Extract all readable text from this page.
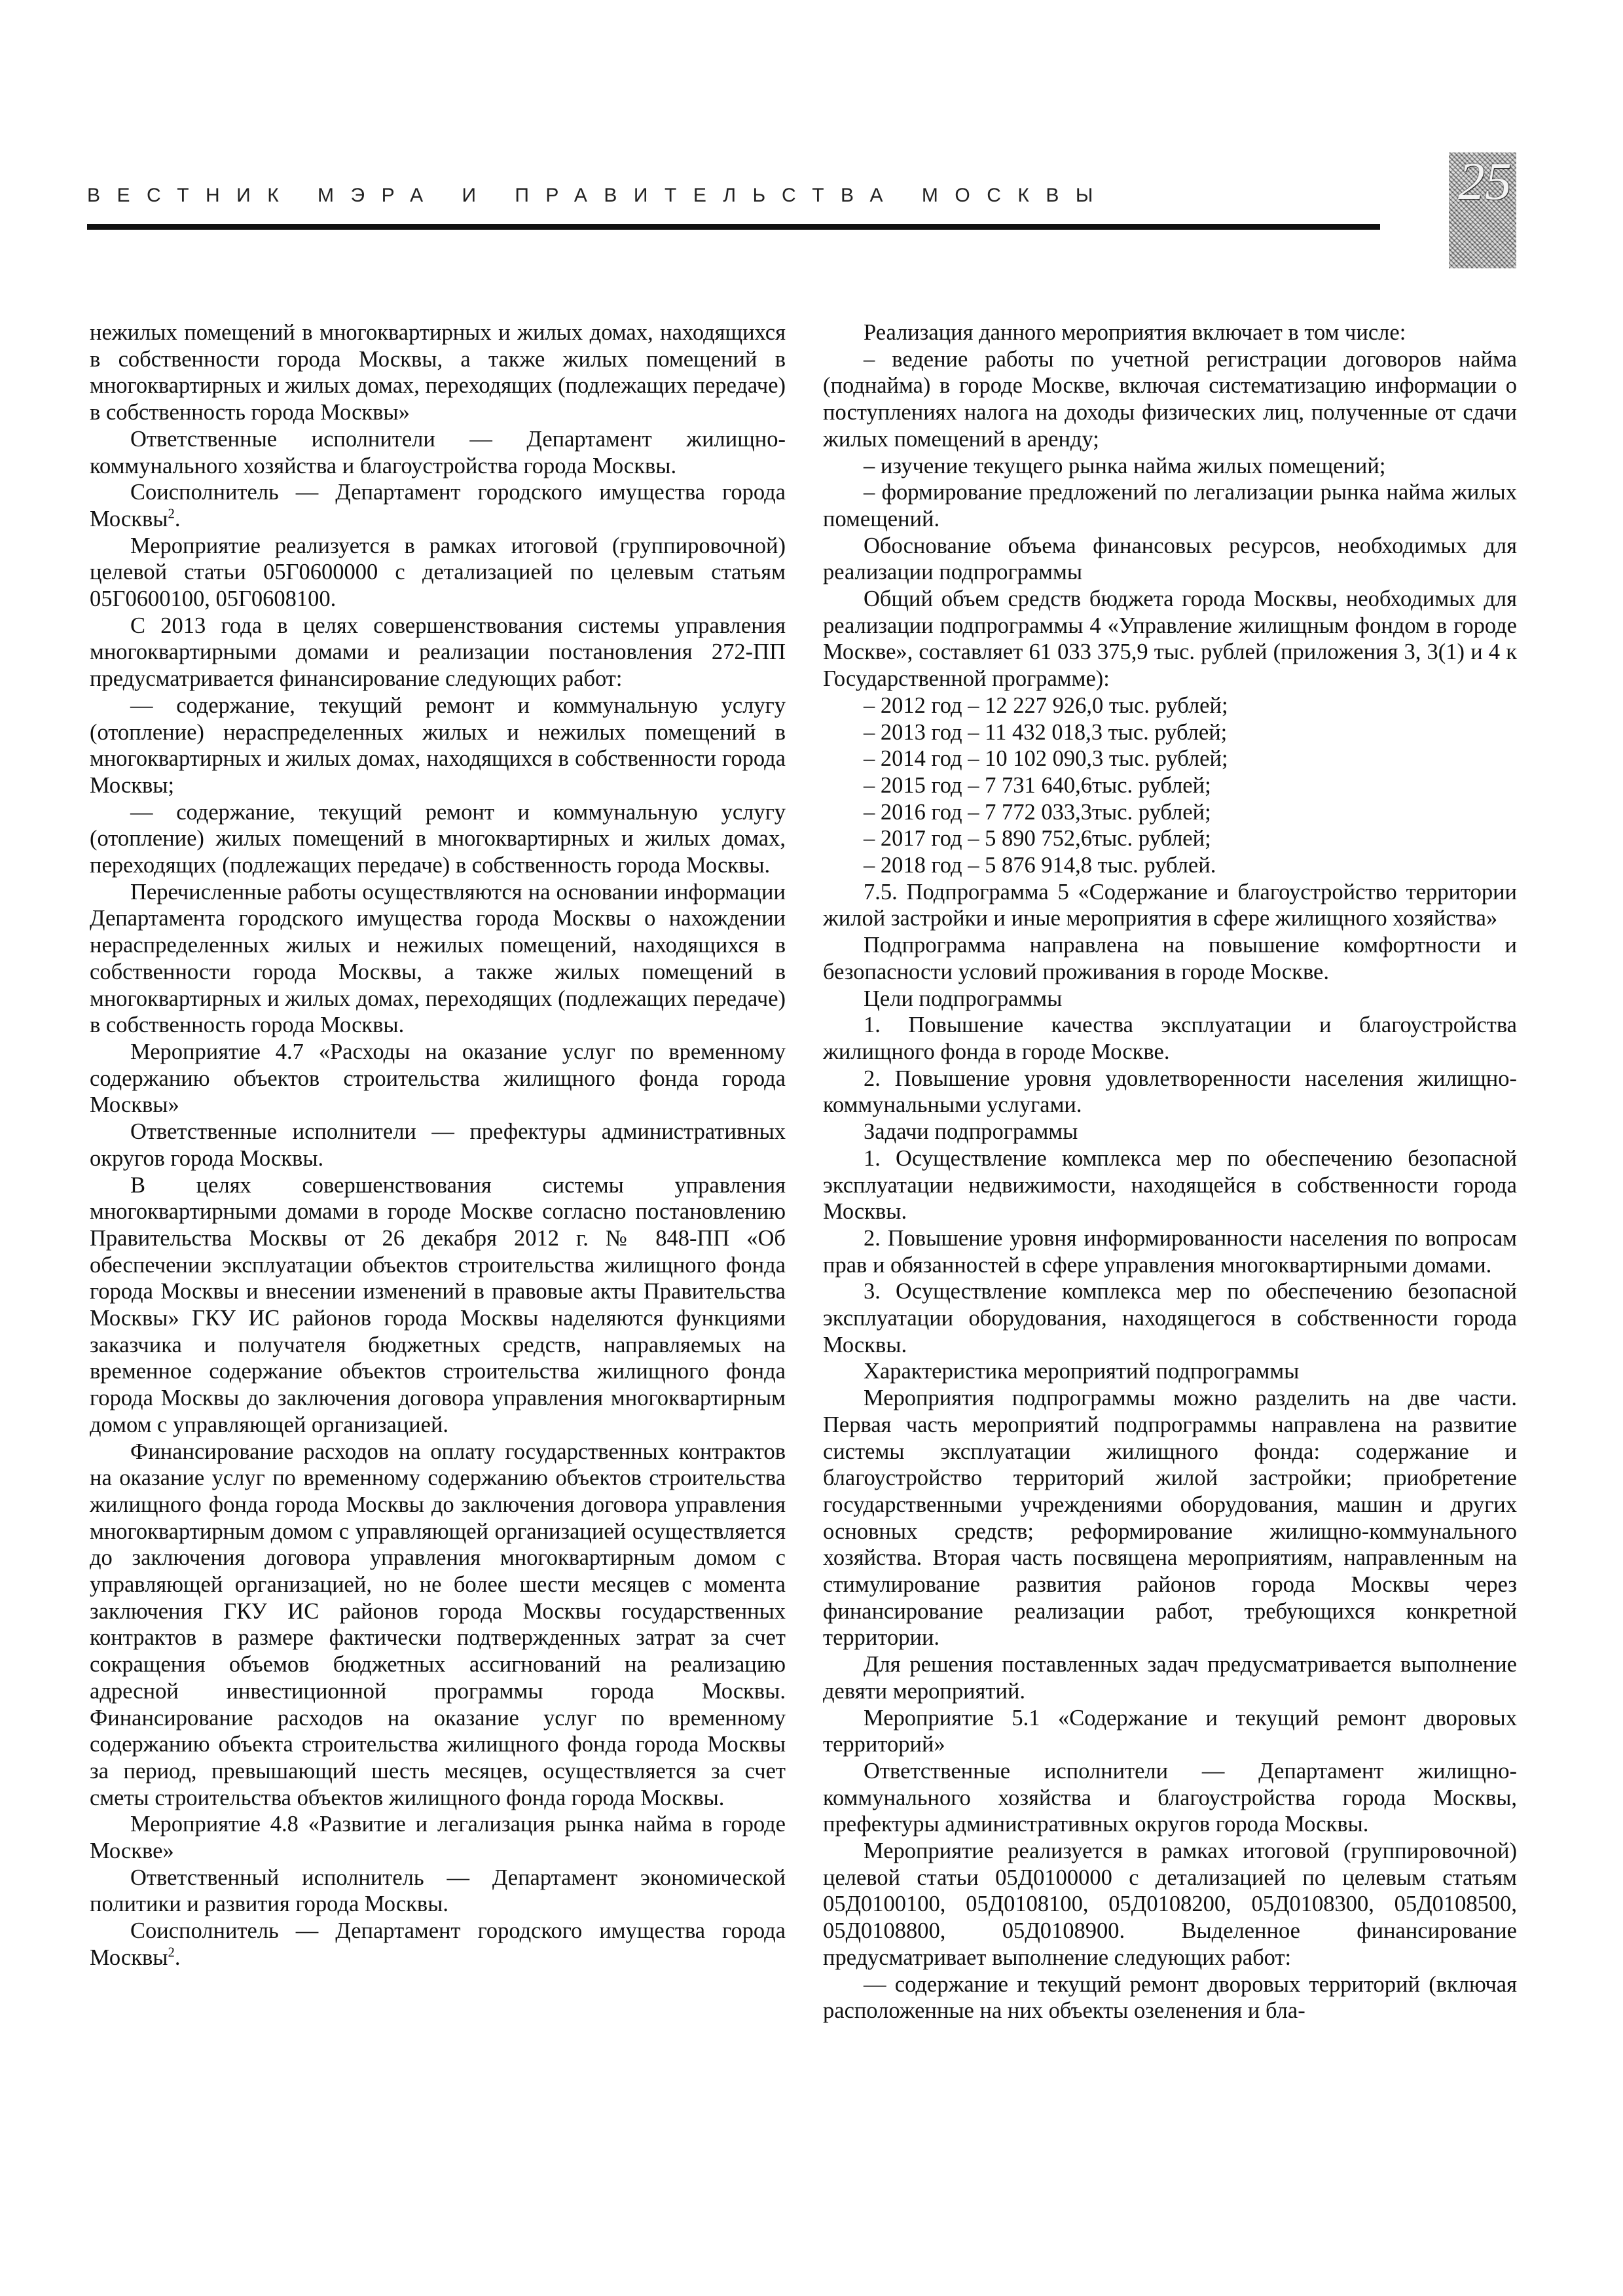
ВЕСТНИК МЭРА И ПРАВИТЕЛЬСТВА МОСКВЫ	25

нежилых помещений в многоквартирных и жилых домах, находящихся в собственности города Москвы, а также жилых помещений в многоквартирных и жилых домах, переходящих (подлежащих передаче) в собственность города Москвы»

Ответственные исполнители — Департамент жилищно-коммунального хозяйства и благоустройства города Москвы.

Соисполнитель — Департамент городского имущества города Москвы$^2$.

Мероприятие реализуется в рамках итоговой (группировочной) целевой статьи 05Г0600000 с детализацией по целевым статьям 05Г0600100, 05Г0608100.

С 2013 года в целях совершенствования системы управления многоквартирными домами и реализации постановления 272-ПП предусматривается финансирование следующих работ:

— содержание, текущий ремонт и коммунальную услугу (отопление) нераспределенных жилых и нежилых помещений в многоквартирных и жилых домах, находящихся в собственности города Москвы;

— содержание, текущий ремонт и коммунальную услугу (отопление) жилых помещений в многоквартирных и жилых домах, переходящих (подлежащих передаче) в собственность города Москвы.

Перечисленные работы осуществляются на основании информации Департамента городского имущества города Москвы о нахождении нераспределенных жилых и нежилых помещений, находящихся в собственности города Москвы, а также жилых помещений в многоквартирных и жилых домах, переходящих (подлежащих передаче) в собственность города Москвы.

Мероприятие 4.7 «Расходы на оказание услуг по временному содержанию объектов строительства жилищного фонда города Москвы»

Ответственные исполнители — префектуры административных округов города Москвы.

В целях совершенствования системы управления многоквартирными домами в городе Москве согласно постановлению Правительства Москвы от 26 декабря 2012 г. № 848-ПП «Об обеспечении эксплуатации объектов строительства жилищного фонда города Москвы и внесении изменений в правовые акты Правительства Москвы» ГКУ ИС районов города Москвы наделяются функциями заказчика и получателя бюджетных средств, направляемых на временное содержание объектов строительства жилищного фонда города Москвы до заключения договора управления многоквартирным домом с управляющей организацией.

Финансирование расходов на оплату государственных контрактов на оказание услуг по временному содержанию объектов строительства жилищного фонда города Москвы до заключения договора управления многоквартирным домом с управляющей организацией осуществляется до заключения договора управления многоквартирным домом с управляющей организацией, но не более шести месяцев с момента заключения ГКУ ИС районов города Москвы государственных контрактов в размере фактически подтвержденных затрат за счет сокращения объемов бюджетных ассигнований на реализацию адресной инвестиционной программы города Москвы. Финансирование расходов на оказание услуг по временному содержанию объекта строительства жилищного фонда города Москвы за период, превышающий шесть месяцев, осуществляется за счет сметы строительства объектов жилищного фонда города Москвы.

Мероприятие 4.8 «Развитие и легализация рынка найма в городе Москве»

Ответственный исполнитель — Департамент экономической политики и развития города Москвы.

Соисполнитель — Департамент городского имущества города Москвы$^2$.

Реализация данного мероприятия включает в том числе:

– ведение работы по учетной регистрации договоров найма (поднайма) в городе Москве, включая систематизацию информации о поступлениях налога на доходы физических лиц, полученные от сдачи жилых помещений в аренду;

– изучение текущего рынка найма жилых помещений;

– формирование предложений по легализации рынка найма жилых помещений.

Обоснование объема финансовых ресурсов, необходимых для реализации подпрограммы

Общий объем средств бюджета города Москвы, необходимых для реализации подпрограммы 4 «Управление жилищным фондом в городе Москве», составляет 61 033 375,9 тыс. рублей (приложения 3, 3(1) и 4 к Государственной программе):

– 2012 год – 12 227 926,0 тыс. рублей;

– 2013 год – 11 432 018,3 тыс. рублей;

– 2014 год – 10 102 090,3 тыс. рублей;

– 2015 год – 7 731 640,6тыс. рублей;

– 2016 год – 7 772 033,3тыс. рублей;

– 2017 год – 5 890 752,6тыс. рублей;

– 2018 год – 5 876 914,8 тыс. рублей.

7.5. Подпрограмма 5 «Содержание и благоустройство территории жилой застройки и иные мероприятия в сфере жилищного хозяйства»

Подпрограмма направлена на повышение комфортности и безопасности условий проживания в городе Москве.

Цели подпрограммы

1. Повышение качества эксплуатации и благоустройства жилищного фонда в городе Москве.

2. Повышение уровня удовлетворенности населения жилищно-коммунальными услугами.

Задачи подпрограммы

1. Осуществление комплекса мер по обеспечению безопасной эксплуатации недвижимости, находящейся в собственности города Москвы.

2. Повышение уровня информированности населения по вопросам прав и обязанностей в сфере управления многоквартирными домами.

3. Осуществление комплекса мер по обеспечению безопасной эксплуатации оборудования, находящегося в собственности города Москвы.

Характеристика мероприятий подпрограммы

Мероприятия подпрограммы можно разделить на две части. Первая часть мероприятий подпрограммы направлена на развитие системы эксплуатации жилищного фонда: содержание и благоустройство территорий жилой застройки; приобретение государственными учреждениями оборудования, машин и других основных средств; реформирование жилищно-коммунального хозяйства. Вторая часть посвящена мероприятиям, направленным на стимулирование развития районов города Москвы через финансирование реализации работ, требующихся конкретной территории.

Для решения поставленных задач предусматривается выполнение девяти мероприятий.

Мероприятие 5.1 «Содержание и текущий ремонт дворовых территорий»

Ответственные исполнители — Департамент жилищно-коммунального хозяйства и благоустройства города Москвы, префектуры административных округов города Москвы.

Мероприятие реализуется в рамках итоговой (группировочной) целевой статьи 05Д0100000 с детализацией по целевым статьям 05Д0100100, 05Д0108100, 05Д0108200, 05Д0108300, 05Д0108500, 05Д0108800, 05Д0108900. Выделенное финансирование предусматривает выполнение следующих работ:

— содержание и текущий ремонт дворовых территорий (включая расположенные на них объекты озеленения и бла-
